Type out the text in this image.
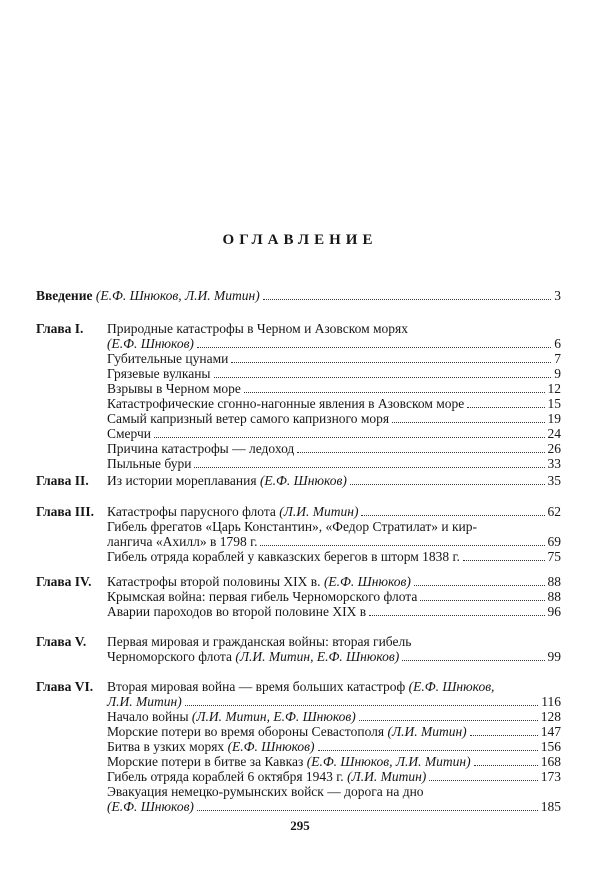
ОГЛАВЛЕНИЕ
Введение (Е.Ф. Шнюков, Л.И. Митин)	3
Глава I. Природные катастрофы в Черном и Азовском морях
(Е.Ф. Шнюков)	6
Губительные цунами	7
Грязевые вулканы	9
Взрывы в Черном море	12
Катастрофические сгонно-нагонные явления в Азовском море	15
Самый капризный ветер самого капризного моря	19
Смерчи	24
Причина катастрофы — ледоход	26
Пыльные бури	33
Глава II. Из истории мореплавания (Е.Ф. Шнюков)	35
Глава III. Катастрофы парусного флота (Л.И. Митин)	62
Гибель фрегатов «Царь Константин», «Федор Стратилат» и кир-
лангича «Ахилл» в 1798 г.	69
Гибель отряда кораблей у кавказских берегов в шторм 1838 г.	75
Глава IV. Катастрофы второй половины XIX в. (Е.Ф. Шнюков)	88
Крымская война: первая гибель Черноморского флота	88
Аварии пароходов во второй половине XIX в	96
Глава V. Первая мировая и гражданская войны: вторая гибель
Черноморского флота (Л.И. Митин, Е.Ф. Шнюков)	99
Глава VI. Вторая мировая война — время больших катастроф (Е.Ф. Шнюков,
Л.И. Митин)	116
Начало войны (Л.И. Митин, Е.Ф. Шнюков)	128
Морские потери во время обороны Севастополя (Л.И. Митин)	147
Битва в узких морях (Е.Ф. Шнюков)	156
Морские потери в битве за Кавказ (Е.Ф. Шнюков, Л.И. Митин)	168
Гибель отряда кораблей 6 октября 1943 г. (Л.И. Митин)	173
Эвакуация немецко-румынских войск — дорога на дно
(Е.Ф. Шнюков)	185
295
